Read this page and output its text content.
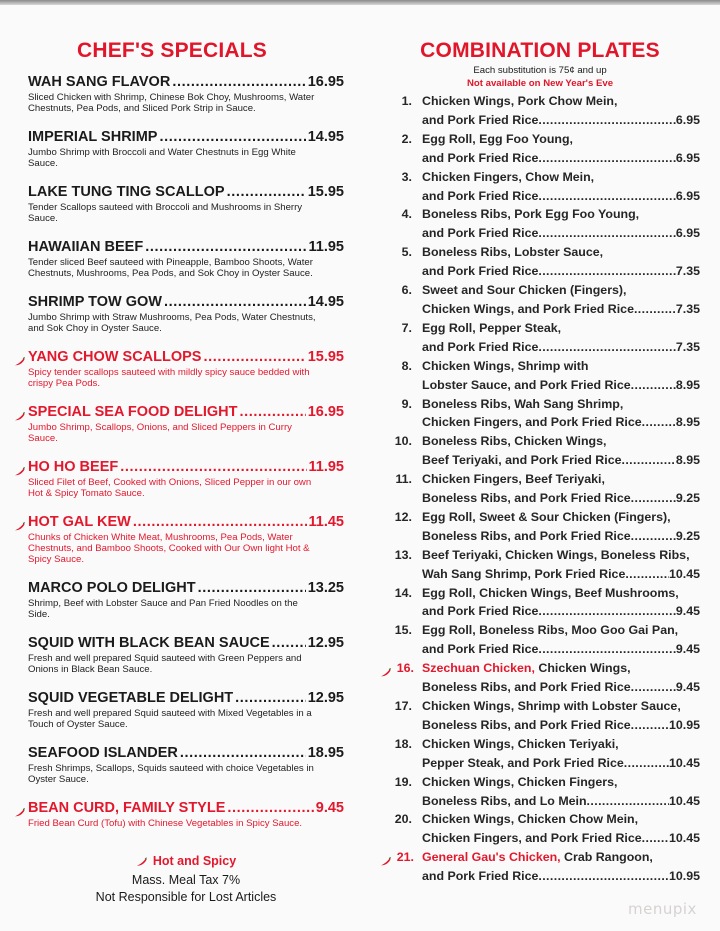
CHEF'S SPECIALS
WAH SANG FLAVOR .....	16.95
Sliced Chicken with Shrimp, Chinese Bok Choy, Mushrooms, Water Chestnuts, Pea Pods, and Sliced Pork Strip in Sauce.
IMPERIAL SHRIMP .....	14.95
Jumbo Shrimp with Broccoli and Water Chestnuts in Egg White Sauce.
LAKE TUNG TING SCALLOP .....	15.95
Tender Scallops sauteed with Broccoli and Mushrooms in Sherry Sauce.
HAWAIIAN BEEF .....	11.95
Tender sliced Beef sauteed with Pineapple, Bamboo Shoots, Water Chestnuts, Mushrooms, Pea Pods, and Sok Choy in Oyster Sauce.
SHRIMP TOW GOW .....	14.95
Jumbo Shrimp with Straw Mushrooms, Pea Pods, Water Chestnuts, and Sok Choy in Oyster Sauce.
YANG CHOW SCALLOPS .....	15.95
Spicy tender scallops sauteed with mildly spicy sauce bedded with crispy Pea Pods.
SPECIAL SEA FOOD DELIGHT .....	16.95
Jumbo Shrimp, Scallops, Onions, and Sliced Peppers in Curry Sauce.
HO HO BEEF .....	11.95
Sliced Filet of Beef, Cooked with Onions, Sliced Pepper in our own Hot & Spicy Tomato Sauce.
HOT GAL KEW .....	11.45
Chunks of Chicken White Meat, Mushrooms, Pea Pods, Water Chestnuts, and Bamboo Shoots, Cooked with Our Own light Hot & Spicy Sauce.
MARCO POLO DELIGHT .....	13.25
Shrimp, Beef with Lobster Sauce and Pan Fried Noodles on the Side.
SQUID WITH BLACK BEAN SAUCE .....	12.95
Fresh and well prepared Squid sauteed with Green Peppers and Onions in Black Bean Sauce.
SQUID VEGETABLE DELIGHT .....	12.95
Fresh and well prepared Squid sauteed with Mixed Vegetables in a Touch of Oyster Sauce.
SEAFOOD ISLANDER .....	18.95
Fresh Shrimps, Scallops, Squids sauteed with choice Vegetables in Oyster Sauce.
BEAN CURD, FAMILY STYLE .....	9.45
Fried Bean Curd (Tofu) with Chinese Vegetables in Spicy Sauce.
Hot and Spicy
Mass. Meal Tax 7%
Not Responsible for Lost Articles
COMBINATION PLATES
Each substitution is 75¢ and up
Not available on New Year's Eve
1. Chicken Wings, Pork Chow Mein,
and Pork Fried Rice .....	6.95
2. Egg Roll, Egg Foo Young,
and Pork Fried Rice .....	6.95
3. Chicken Fingers, Chow Mein,
and Pork Fried Rice .....	6.95
4. Boneless Ribs, Pork Egg Foo Young,
and Pork Fried Rice .....	6.95
5. Boneless Ribs, Lobster Sauce,
and Pork Fried Rice .....	7.35
6. Sweet and Sour Chicken (Fingers),
Chicken Wings, and Pork Fried Rice .....	7.35
7. Egg Roll, Pepper Steak,
and Pork Fried Rice .....	7.35
8. Chicken Wings, Shrimp with
Lobster Sauce, and Pork Fried Rice .....	8.95
9. Boneless Ribs, Wah Sang Shrimp,
Chicken Fingers, and Pork Fried Rice .....	8.95
10. Boneless Ribs, Chicken Wings,
Beef Teriyaki, and Pork Fried Rice .....	8.95
11. Chicken Fingers, Beef Teriyaki,
Boneless Ribs, and Pork Fried Rice .....	9.25
12. Egg Roll, Sweet & Sour Chicken (Fingers),
Boneless Ribs, and Pork Fried Rice .....	9.25
13. Beef Teriyaki, Chicken Wings, Boneless Ribs,
Wah Sang Shrimp, Pork Fried Rice .....	10.45
14. Egg Roll, Chicken Wings, Beef Mushrooms,
and Pork Fried Rice .....	9.45
15. Egg Roll, Boneless Ribs, Moo Goo Gai Pan,
and Pork Fried Rice .....	9.45
16. Szechuan Chicken, Chicken Wings,
Boneless Ribs, and Pork Fried Rice .....	9.45
17. Chicken Wings, Shrimp with Lobster Sauce,
Boneless Ribs, and Pork Fried Rice .....	10.95
18. Chicken Wings, Chicken Teriyaki,
Pepper Steak, and Pork Fried Rice .....	10.45
19. Chicken Wings, Chicken Fingers,
Boneless Ribs, and Lo Mein .....	10.45
20. Chicken Wings, Chicken Chow Mein,
Chicken Fingers, and Pork Fried Rice ..... 10.45
21. General Gau's Chicken, Crab Rangoon,
and Pork Fried Rice .....	10.95
menupix
